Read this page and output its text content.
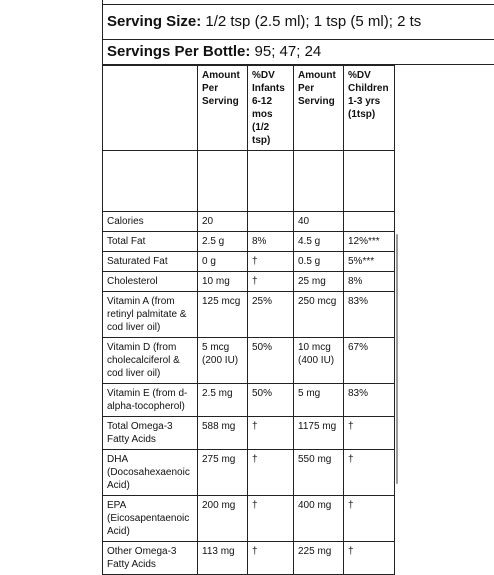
Serving Size: 1/2 tsp (2.5 ml); 1 tsp (5 ml); 2 ts
Servings Per Bottle: 95; 47; 24
	Amount Per Serving	%DV Infants 6-12 mos (1/2 tsp)	Amount Per Serving	%DV Children 1-3 yrs (1tsp)

Calories	20		40	
Total Fat	2.5 g	8%	4.5 g	12%***
Saturated Fat	0 g	†	0.5 g	5%***
Cholesterol	10 mg	†	25 mg	8%
Vitamin A (from retinyl palmitate & cod liver oil)	125 mcg	25%	250 mcg	83%
Vitamin D (from cholecalciferol & cod liver oil)	5 mcg (200 IU)	50%	10 mcg (400 IU)	67%
Vitamin E (from d-alpha-tocopherol)	2.5 mg	50%	5 mg	83%
Total Omega-3 Fatty Acids	588 mg	†	1175 mg	†
DHA (Docosahexaenoic Acid)	275 mg	†	550 mg	†
EPA (Eicosapentaenoic Acid)	200 mg	†	400 mg	†
Other Omega-3 Fatty Acids	113 mg	†	225 mg	†
